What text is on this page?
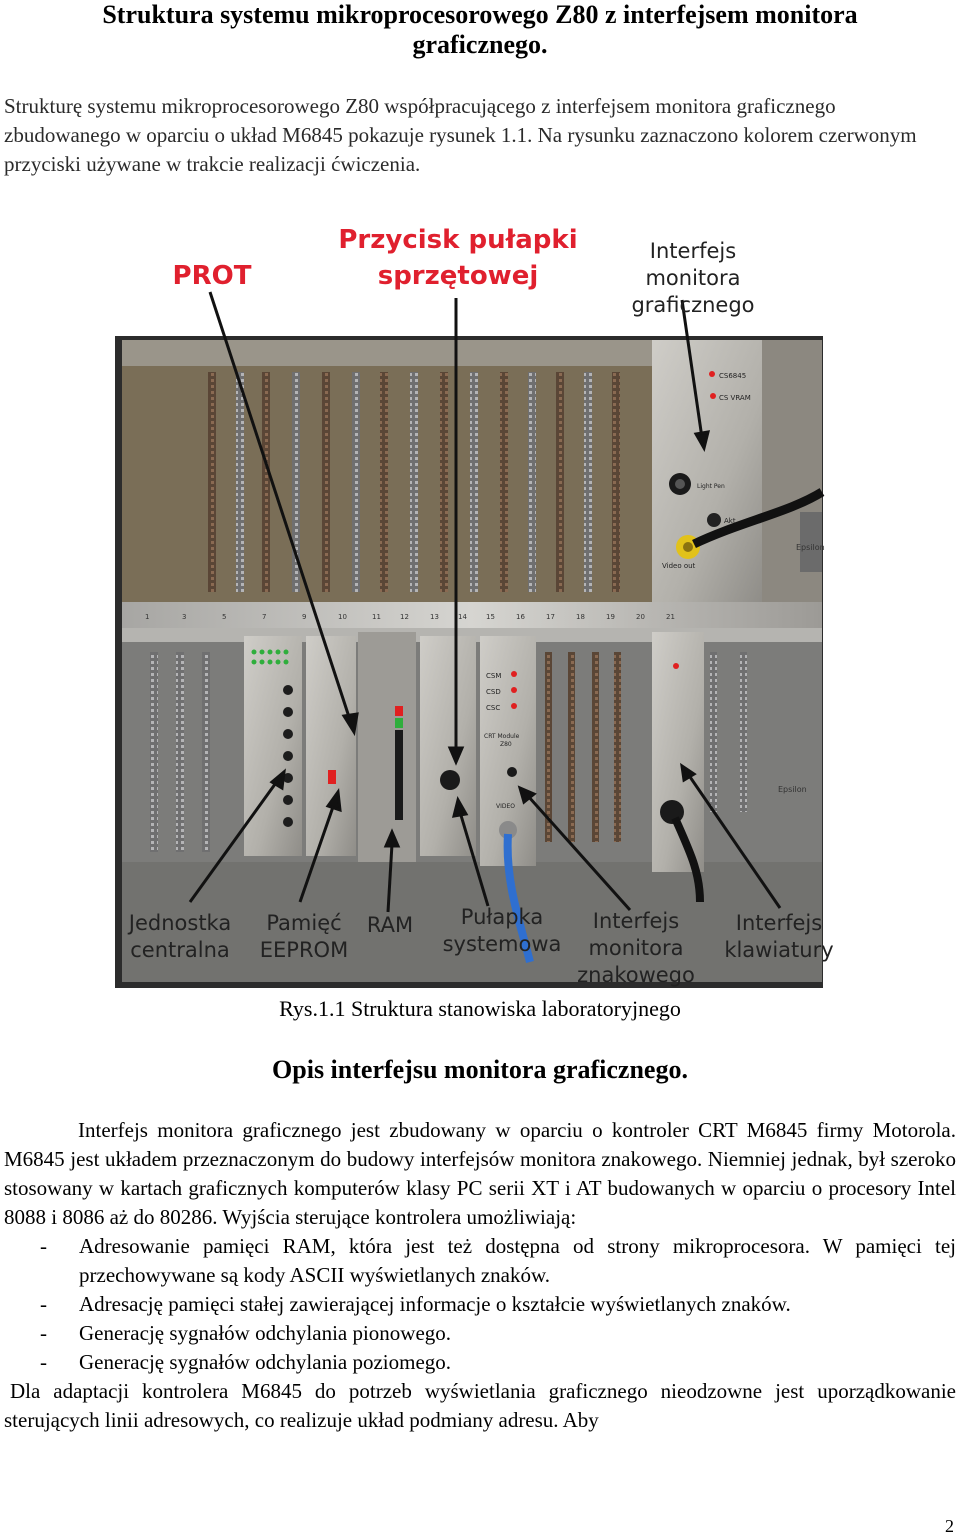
Struktura systemu mikroprocesorowego Z80 z interfejsem monitora
graficznego.
Strukturę systemu mikroprocesorowego Z80 współpracującego z interfejsem monitora graficznego zbudowanego w oparciu o układ M6845 pokazuje rysunek 1.1. Na rysunku zaznaczono kolorem czerwonym przyciski używane w trakcie realizacji ćwiczenia.
CS6845
CS VRAM
Light Pen
Akt
Video out
Epsilon
1	3	5	7	9	10	11	12	13	14	15	16	17	18	19	20	21
CSM
CSD
CSC
CRT Module
Z80
VIDEO
Epsilon
PROT
Przycisk pułapki
sprzętowej
Interfejs monitora
graficznego
Jednostka
centralna
Pamięć
EEPROM
RAM	Pułapka
systemowa
Interfejs
monitora
znakowego
Interfejs
klawiatury
Rys.1.1 Struktura stanowiska laboratoryjnego
Opis interfejsu monitora graficznego.

Interfejs monitora graficznego jest zbudowany w oparciu o kontroler CRT M6845 firmy Motorola. M6845 jest układem przeznaczonym do budowy interfejsów monitora znakowego. Niemniej jednak, był szeroko stosowany w kartach graficznych komputerów klasy PC serii XT i AT budowanych w oparciu o procesory Intel 8088 i 8086 aż do 80286. Wyjścia sterujące kontrolera umożliwiają:

- Adresowanie pamięci RAM, która jest też dostępna od strony mikroprocesora. W pamięci tej przechowywane są kody ASCII wyświetlanych znaków.
- Adresację pamięci stałej zawierającej informacje o kształcie wyświetlanych znaków.
- Generację sygnałów odchylania pionowego.
- Generację sygnałów odchylania poziomego.

Dla adaptacji kontrolera M6845 do potrzeb wyświetlania graficznego nieodzowne jest uporządkowanie sterujących linii adresowych, co realizuje układ podmiany adresu. Aby

2
